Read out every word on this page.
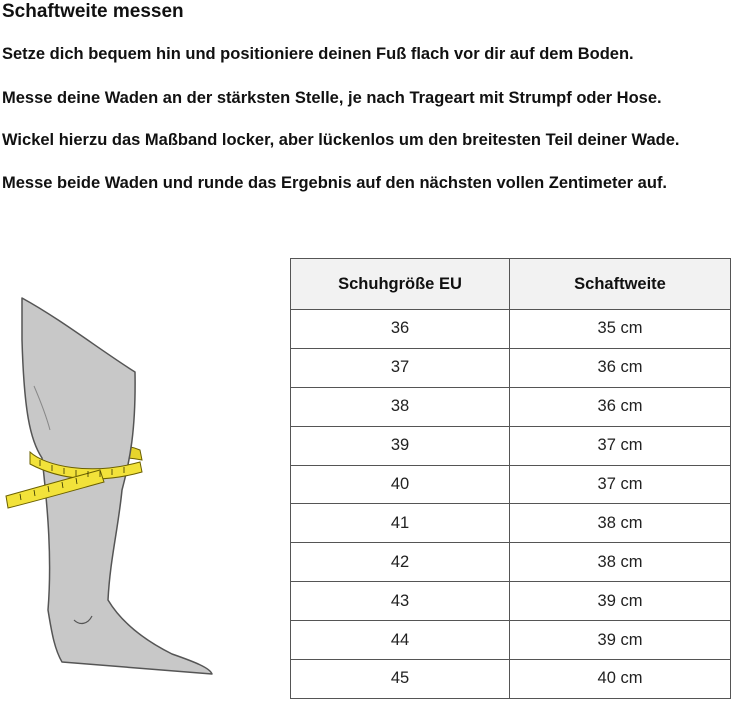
Schaftweite messen
Setze dich bequem hin und positioniere deinen Fuß flach vor dir auf dem Boden.
Messe deine Waden an der stärksten Stelle, je nach Trageart mit Strumpf oder Hose.
Wickel hierzu das Maßband locker, aber lückenlos um den breitesten Teil deiner Wade.
Messe beide Waden und runde das Ergebnis auf den nächsten vollen Zentimeter auf.
Schuhgröße EU	Schaftweite
36	35 cm
37	36 cm
38	36 cm
39	37 cm
40	37 cm
41	38 cm
42	38 cm
43	39 cm
44	39 cm
45	40 cm
